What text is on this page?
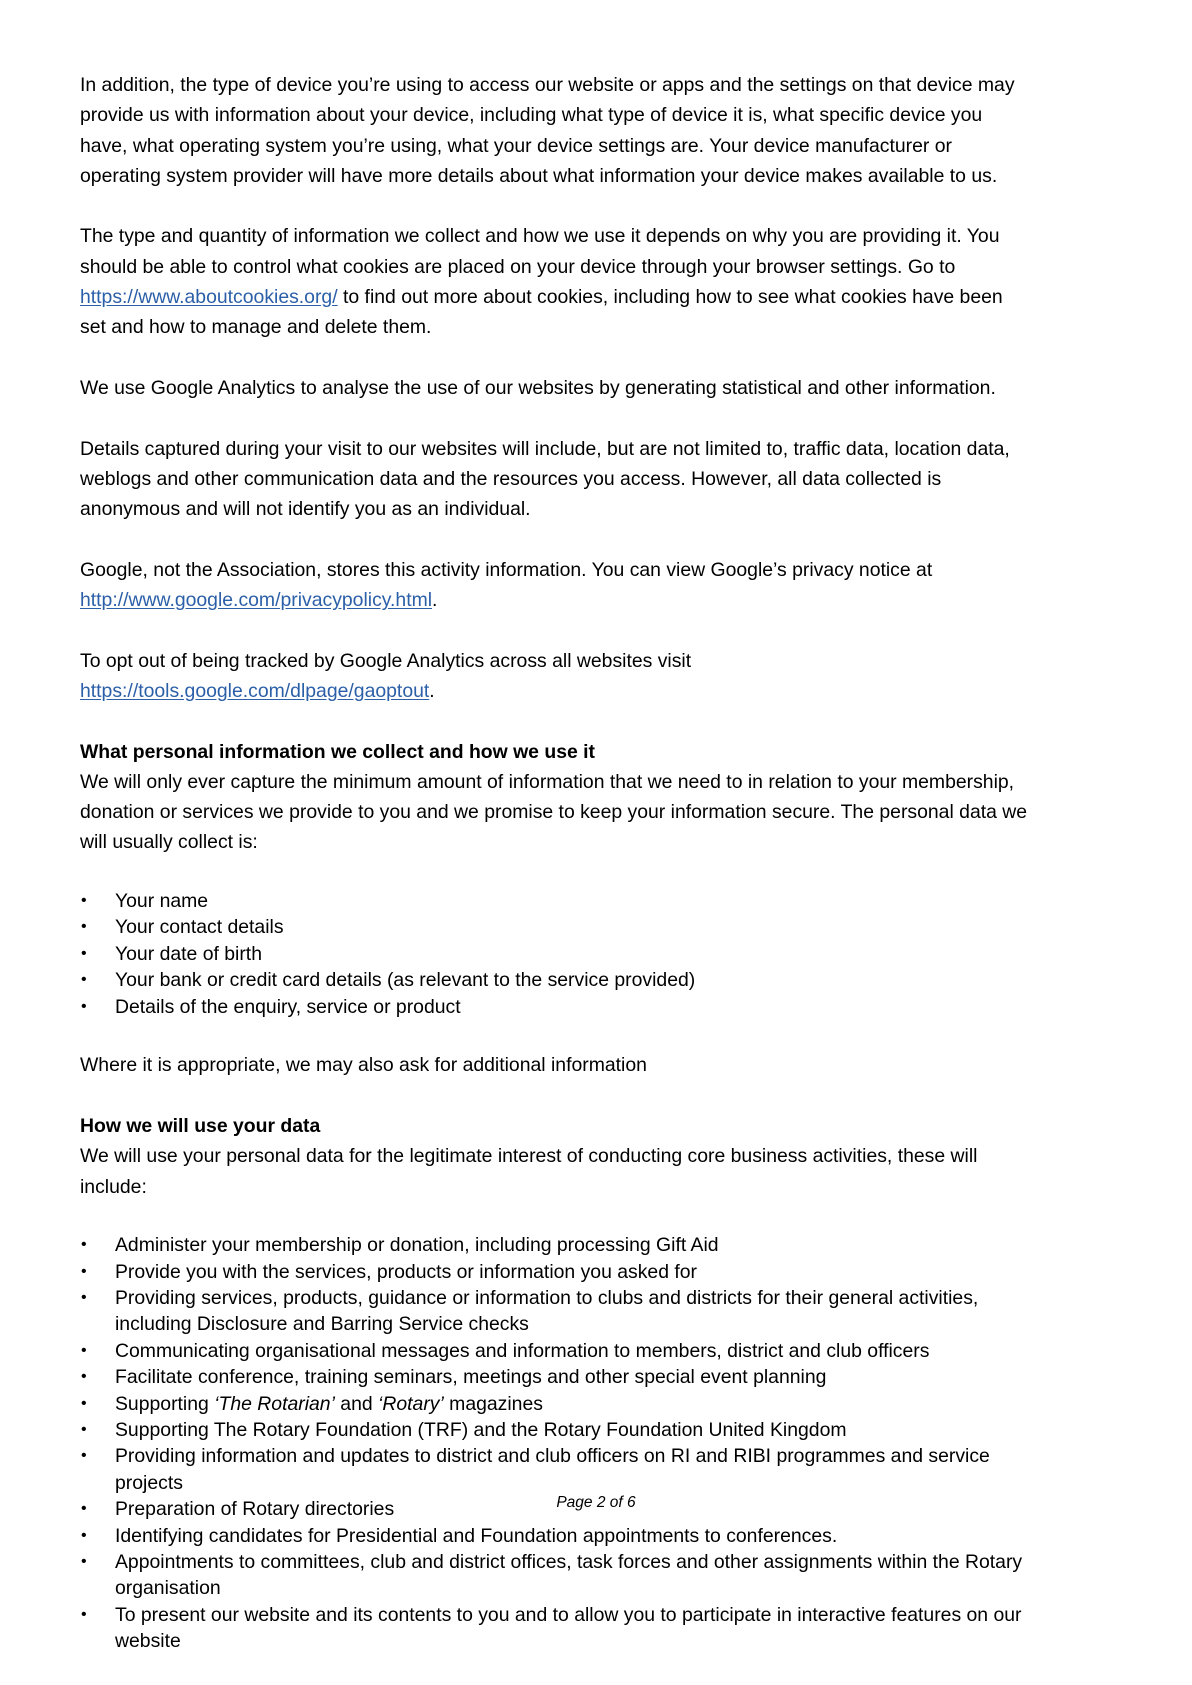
In addition, the type of device you’re using to access our website or apps and the settings on that device may provide us with information about your device, including what type of device it is, what specific device you have, what operating system you’re using, what your device settings are. Your device manufacturer or operating system provider will have more details about what information your device makes available to us.

The type and quantity of information we collect and how we use it depends on why you are providing it. You should be able to control what cookies are placed on your device through your browser settings. Go to https://www.aboutcookies.org/ to find out more about cookies, including how to see what cookies have been set and how to manage and delete them.

We use Google Analytics to analyse the use of our websites by generating statistical and other information.

Details captured during your visit to our websites will include, but are not limited to, traffic data, location data, weblogs and other communication data and the resources you access. However, all data collected is anonymous and will not identify you as an individual.

Google, not the Association, stores this activity information. You can view Google’s privacy notice at http://www.google.com/privacypolicy.html.

To opt out of being tracked by Google Analytics across all websites visit https://tools.google.com/dlpage/gaoptout.

What personal information we collect and how we use it

We will only ever capture the minimum amount of information that we need to in relation to your membership, donation or services we provide to you and we promise to keep your information secure. The personal data we will usually collect is:

• Your name
• Your contact details
• Your date of birth
• Your bank or credit card details (as relevant to the service provided)
• Details of the enquiry, service or product

Where it is appropriate, we may also ask for additional information

How we will use your data

We will use your personal data for the legitimate interest of conducting core business activities, these will include:

• Administer your membership or donation, including processing Gift Aid
• Provide you with the services, products or information you asked for
• Providing services, products, guidance or information to clubs and districts for their general activities, including Disclosure and Barring Service checks
• Communicating organisational messages and information to members, district and club officers
• Facilitate conference, training seminars, meetings and other special event planning
• Supporting ‘The Rotarian’ and ‘Rotary’ magazines
• Supporting The Rotary Foundation (TRF) and the Rotary Foundation United Kingdom
• Providing information and updates to district and club officers on RI and RIBI programmes and service projects
• Preparation of Rotary directories
• Identifying candidates for Presidential and Foundation appointments to conferences.
• Appointments to committees, club and district offices, task forces and other assignments within the Rotary organisation
• To present our website and its contents to you and to allow you to participate in interactive features on our website
Page 2 of 6
